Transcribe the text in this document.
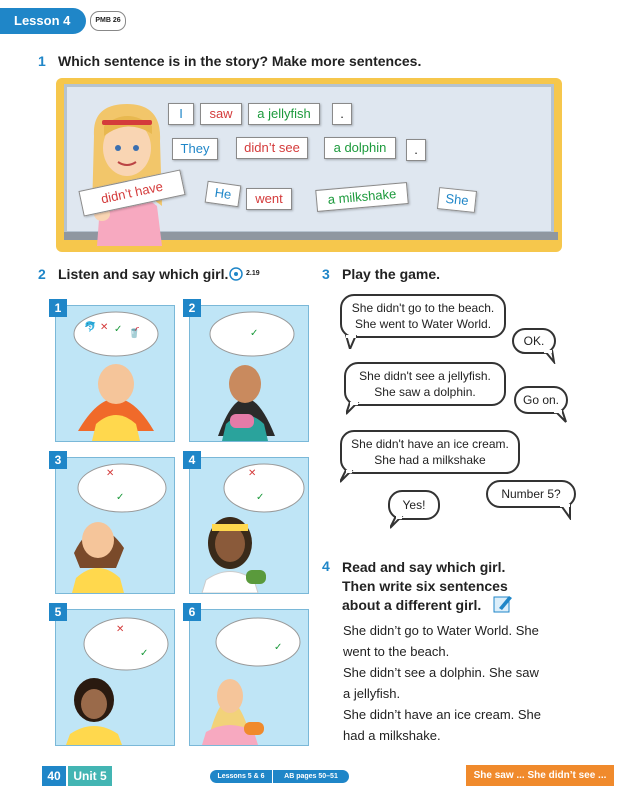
Lesson 4	PMB 26
1 Which sentence is in the story? Make more sentences.
I	saw	a jellyfish	.
They	didn’t see	a dolphin	.
didn’t have	He	went	a milkshake	She
2 Listen and say which girl.	2.19
🐬 ✕ ✓ 🥤
1
✓
2
✕
✓
3
✕
✓
4
✕
✓
5
✓
6
3 Play the game.
She didn't go to the beach.
She went to Water World.
OK.
She didn't see a jellyfish.
She saw a dolphin.
Go on.
She didn't have an ice cream.
She had a milkshake
Yes!
Number 5?
4 Read and say which girl.
Then write six sentences
about a different girl.
She didn’t go to Water World. She
went to the beach.
She didn’t see a dolphin. She saw
a jellyfish.
She didn’t have an ice cream. She
had a milkshake.
40	Unit 5	Lessons 5 & 6	AB pages 50–51	She saw ... She didn’t see ...
